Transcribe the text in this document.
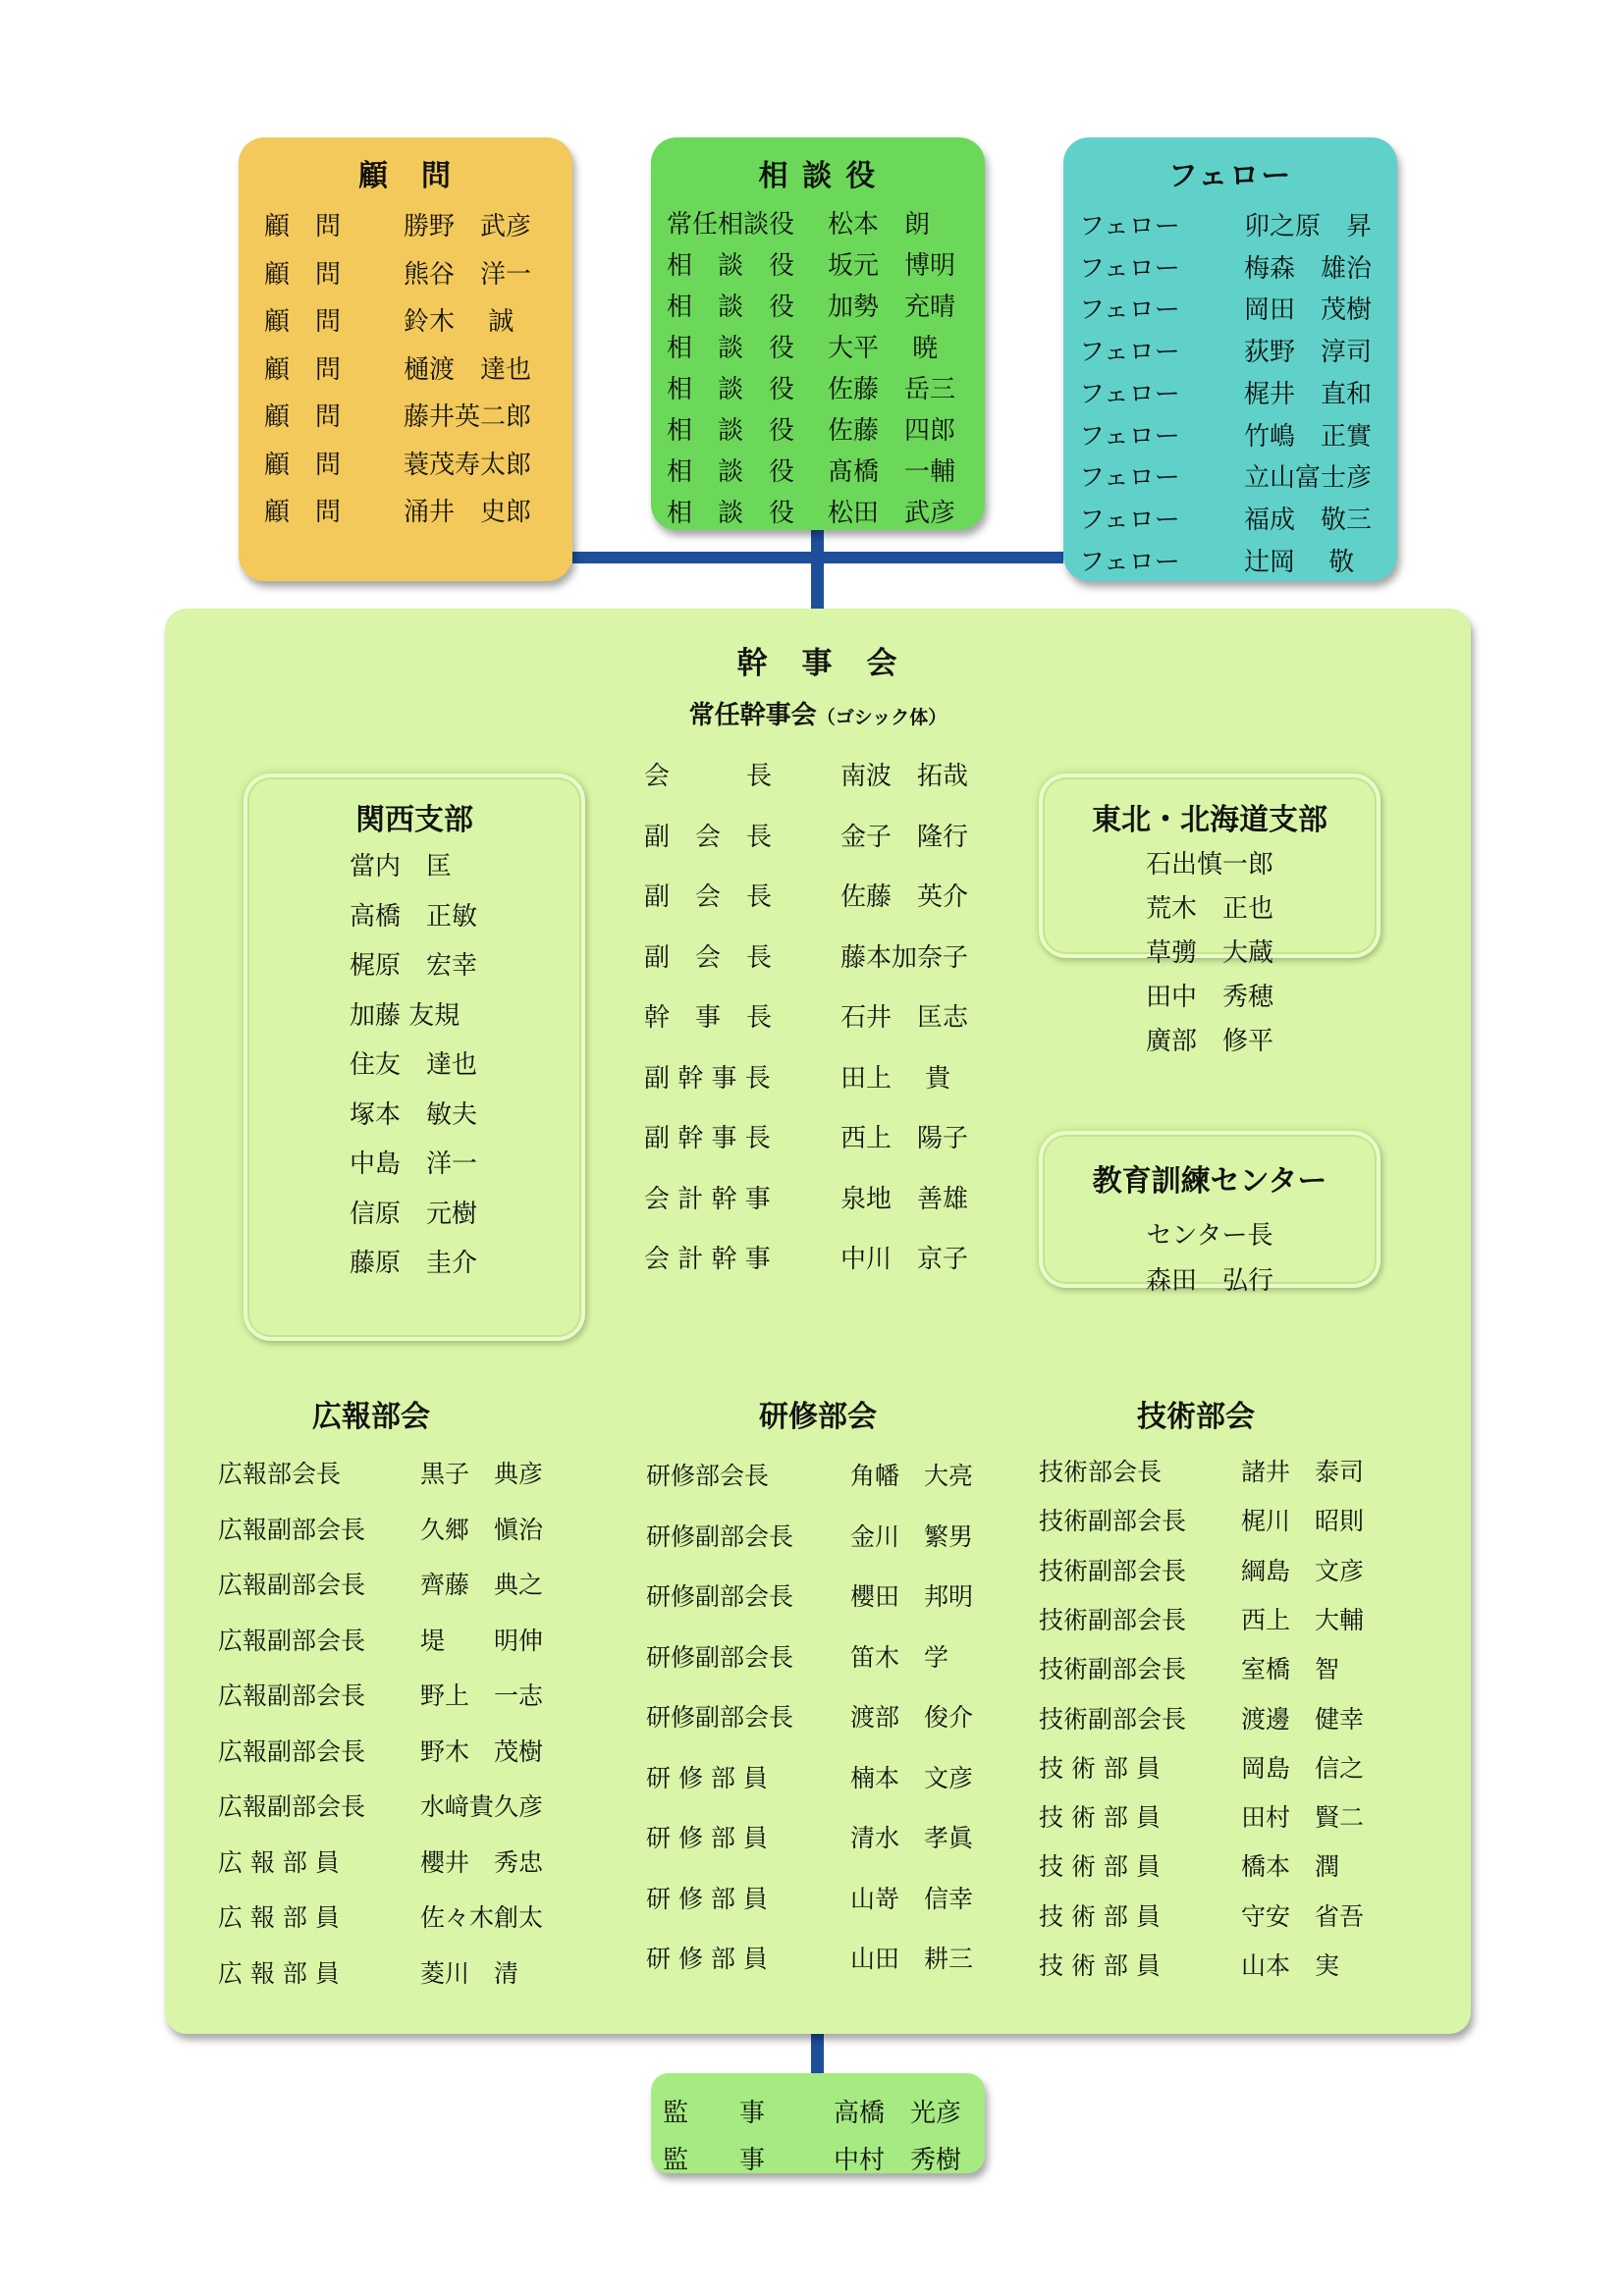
顧　問
顧　問 勝野　武彦
顧　問 熊谷　洋一
顧　問 鈴木　 誠
顧　問 樋渡　達也
顧　問 藤井英二郎
顧　問 蓑茂寿太郎
顧　問 涌井　史郎
相 談 役
常任相談役 松本　朗
相　談　役 坂元　博明
相　談　役 加勢　充晴
相　談　役 大平　 暁
相　談　役 佐藤　岳三
相　談　役 佐藤　四郎
相　談　役 髙橋　一輔
相　談　役 松田　武彦
フェロー
フェロー	卯之原　昇
フェロー	梅森　雄治
フェロー	岡田　茂樹
フェロー	荻野　淳司
フェロー	梶井　直和
フェロー	竹嶋　正實
フェロー	立山富士彦
フェロー	福成　敬三
フェロー	辻岡　 敬
幹　事　会
常任幹事会（ゴシック体）
会　　　長	南波　拓哉
副　会　長	金子　隆行
副　会　長	佐藤　英介
副　会　長	藤本加奈子
幹　事　長	石井　匡志
副 幹 事 長	田上　 貴
副 幹 事 長	西上　陽子
会 計 幹 事	泉地　善雄
会 計 幹 事	中川　京子
関西支部
當内　匡
高橋　正敏
梶原　宏幸
加藤 友規
住友　達也
塚本　敏夫
中島　洋一
信原　元樹
藤原　圭介
東北・北海道支部
石出慎一郎
荒木　正也
草彅　大蔵
田中　秀穂
廣部　修平
教育訓練センター
センター長
森田　弘行
広報部会	研修部会	技術部会
広報部会長	黒子　典彦
広報副部会長 久郷　愼治
広報副部会長 齊藤　典之
広報副部会長 堤　　明伸
広報副部会長 野上　一志
広報副部会長 野木　茂樹
広報副部会長 水﨑貴久彦
広 報 部 員	櫻井　秀忠
広 報 部 員	佐々木創太
広 報 部 員	菱川　清
研修部会長	角幡　大亮
研修副部会長 金川　繁男
研修副部会長 櫻田　邦明
研修副部会長 笛木　学
研修副部会長 渡部　俊介
研 修 部 員	楠本　文彦
研 修 部 員	清水　孝眞
研 修 部 員	山嵜　信幸
研 修 部 員	山田　耕三
技術部会長	諸井　泰司
技術副部会長 梶川　昭則
技術副部会長 綱島　文彦
技術副部会長 西上　大輔
技術副部会長 室橋　智
技術副部会長 渡邊　健幸
技 術 部 員	岡島　信之
技 術 部 員	田村　賢二
技 術 部 員	橋本　潤
技 術 部 員	守安　省吾
技 術 部 員	山本　実
監　　事	高橋　光彦
監　　事	中村　秀樹
